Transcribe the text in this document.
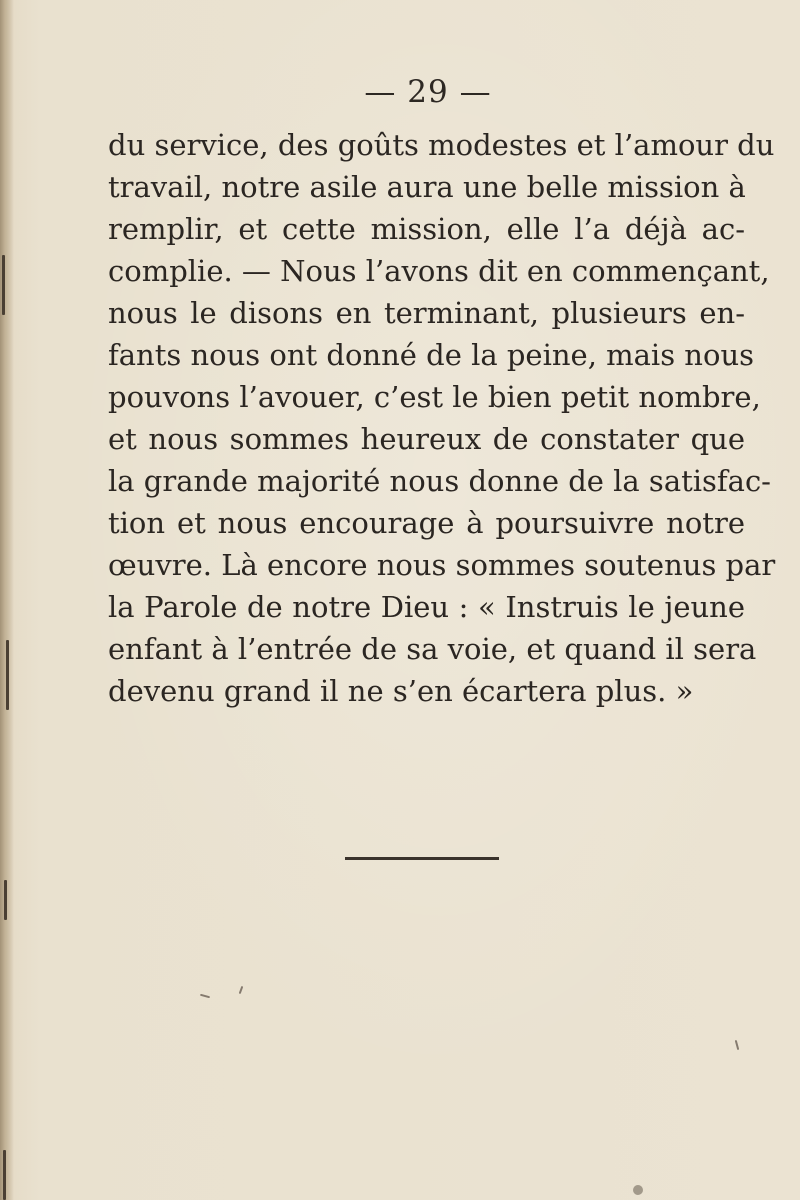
— 29 —
du service, des goûts modestes et l’amour du
travail, notre asile aura une belle mission à
remplir, et cette mission, elle l’a déjà ac-
complie. — Nous l’avons dit en commençant,
nous le disons en terminant, plusieurs en-
fants nous ont donné de la peine, mais nous
pouvons l’avouer, c’est le bien petit nombre,
et nous sommes heureux de constater que
la grande majorité nous donne de la satisfac-
tion et nous encourage à poursuivre notre
œuvre. Là encore nous sommes soutenus par
la Parole de notre Dieu : « Instruis le jeune
enfant à l’entrée de sa voie, et quand il sera
devenu grand il ne s’en écartera plus. »
